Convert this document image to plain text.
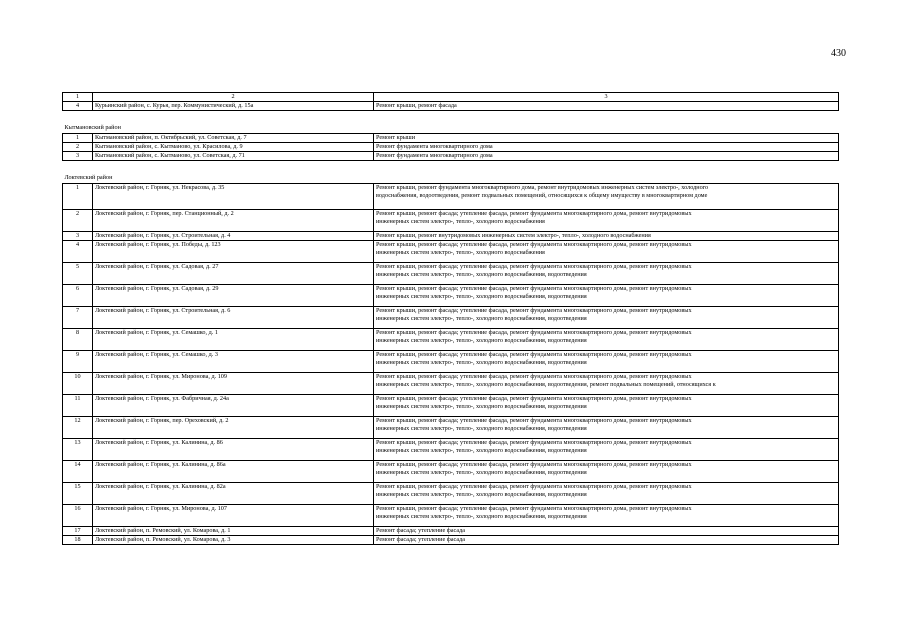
430
1	2	3
4	Курьинский район, с. Курья, пер. Коммунистический, д. 15а	Ремонт крыши, ремонт фасада

Кытмановский район		
1	Кытмановский район, п. Октябрьский, ул. Советская, д. 7	Ремонт крыши

2	Кытмановский район, с. Кытманово, ул. Красилова, д. 9	Ремонт фундамента многоквартирного дома

3	Кытмановский район, с. Кытманово, ул. Советская, д. 71	Ремонт фундамента многоквартирного дома

Локтевский район		
1	Локтевский район, г. Горняк, ул. Некрасова, д. 35	Ремонт крыши, ремонт фундамента многоквартирного дома, ремонт внутридомовых инженерных систем электро-, холодного
водоснабжения, водоотведения, ремонт подвальных помещений, относящихся к общему имуществу в многоквартирном доме

2	Локтевский район, г. Горняк, пер. Станционный, д. 2	Ремонт крыши, ремонт фасада; утепление фасада, ремонт фундамента многоквартирного дома, ремонт внутридомовых
инженерных систем электро-, тепло-, холодного водоснабжения

3	Локтевский район, г. Горняк, ул. Строительная, д. 4	Ремонт крыши, ремонт внутридомовых инженерных систем электро-, тепло-, холодного водоснабжения

4	Локтевский район, г. Горняк, ул. Победы, д. 123	Ремонт крыши, ремонт фасада; утепление фасада, ремонт фундамента многоквартирного дома, ремонт внутридомовых
инженерных систем электро-, тепло-, холодного водоснабжения

5	Локтевский район, г. Горняк, ул. Садовая, д. 27	Ремонт крыши, ремонт фасада; утепление фасада, ремонт фундамента многоквартирного дома, ремонт внутридомовых
инженерных систем электро-, тепло-, холодного водоснабжения, водоотведения

6	Локтевский район, г. Горняк, ул. Садовая, д. 29	Ремонт крыши, ремонт фасада; утепление фасада, ремонт фундамента многоквартирного дома, ремонт внутридомовых
инженерных систем электро-, тепло-, холодного водоснабжения, водоотведения

7	Локтевский район, г. Горняк, ул. Строительная, д. 6	Ремонт крыши, ремонт фасада; утепление фасада, ремонт фундамента многоквартирного дома, ремонт внутридомовых
инженерных систем электро-, тепло-, холодного водоснабжения, водоотведения

8	Локтевский район, г. Горняк, ул. Семашко, д. 1	Ремонт крыши, ремонт фасада; утепление фасада, ремонт фундамента многоквартирного дома, ремонт внутридомовых
инженерных систем электро-, тепло-, холодного водоснабжения, водоотведения

9	Локтевский район, г. Горняк, ул. Семашко, д. 3	Ремонт крыши, ремонт фасада; утепление фасада, ремонт фундамента многоквартирного дома, ремонт внутридомовых
инженерных систем электро-, тепло-, холодного водоснабжения, водоотведения

10	Локтевский район, г. Горняк, ул. Миронова, д. 109	Ремонт крыши, ремонт фасада; утепление фасада, ремонт фундамента многоквартирного дома, ремонт внутридомовых
инженерных систем электро-, тепло-, холодного водоснабжения, водоотведения, ремонт подвальных помещений, относящихся к

11	Локтевский район, г. Горняк, ул. Фабричная, д. 24а	Ремонт крыши, ремонт фасада; утепление фасада, ремонт фундамента многоквартирного дома, ремонт внутридомовых
инженерных систем электро-, тепло-, холодного водоснабжения, водоотведения

12	Локтевский район, г. Горняк, пер. Ореховский, д. 2	Ремонт крыши, ремонт фасада; утепление фасада, ремонт фундамента многоквартирного дома, ремонт внутридомовых
инженерных систем электро-, тепло-, холодного водоснабжения, водоотведения

13	Локтевский район, г. Горняк, ул. Калинина, д. 86	Ремонт крыши, ремонт фасада; утепление фасада, ремонт фундамента многоквартирного дома, ремонт внутридомовых
инженерных систем электро-, тепло-, холодного водоснабжения, водоотведения

14	Локтевский район, г. Горняк, ул. Калинина, д. 86а	Ремонт крыши, ремонт фасада; утепление фасада, ремонт фундамента многоквартирного дома, ремонт внутридомовых
инженерных систем электро-, тепло-, холодного водоснабжения, водоотведения

15	Локтевский район, г. Горняк, ул. Калинина, д. 82а	Ремонт крыши, ремонт фасада; утепление фасада, ремонт фундамента многоквартирного дома, ремонт внутридомовых
инженерных систем электро-, тепло-, холодного водоснабжения, водоотведения

16	Локтевский район, г. Горняк, ул. Миронова, д. 107	Ремонт крыши, ремонт фасада; утепление фасада, ремонт фундамента многоквартирного дома, ремонт внутридомовых
инженерных систем электро-, тепло-, холодного водоснабжения, водоотведения

17	Локтевский район, п. Ремовский, ул. Комарова, д. 1	Ремонт фасада; утепление фасада

18	Локтевский район, п. Ремовский, ул. Комарова, д. 3	Ремонт фасада; утепление фасада
